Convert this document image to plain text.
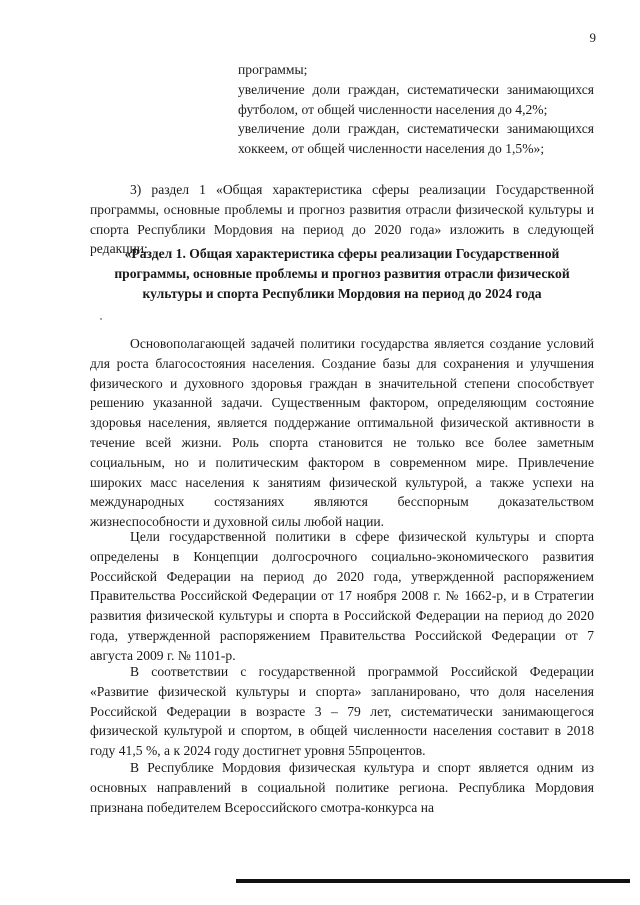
9

программы;

увеличение доли граждан, систематически занимающихся футболом, от общей численности населения до 4,2%;

увеличение доли граждан, систематически занимающихся хоккеем, от общей численности населения до 1,5%»;

3) раздел 1 «Общая характеристика сферы реализации Государственной программы, основные проблемы и прогноз развития отрасли физической культуры и спорта Республики Мордовия на период до 2020 года» изложить в следующей редакции:

«Раздел 1. Общая характеристика сферы реализации Государственной программы, основные проблемы и прогноз развития отрасли физической культуры и спорта Республики Мордовия на период до 2024 года

Основополагающей задачей политики государства является создание условий для роста благосостояния населения. Создание базы для сохранения и улучшения физического и духовного здоровья граждан в значительной степени способствует решению указанной задачи. Существенным фактором, определяющим состояние здоровья населения, является поддержание оптимальной физической активности в течение всей жизни. Роль спорта становится не только все более заметным социальным, но и политическим фактором в современном мире. Привлечение широких масс населения к занятиям физической культурой, а также успехи на международных состязаниях являются бесспорным доказательством жизнеспособности и духовной силы любой нации.

Цели государственной политики в сфере физической культуры и спорта определены в Концепции долгосрочного социально-экономического развития Российской Федерации на период до 2020 года, утвержденной распоряжением Правительства Российской Федерации от 17 ноября 2008 г. № 1662-р, и в Стратегии развития физической культуры и спорта в Российской Федерации на период до 2020 года, утвержденной распоряжением Правительства Российской Федерации от 7 августа 2009 г. № 1101-р.

В соответствии с государственной программой Российской Федерации «Развитие физической культуры и спорта» запланировано, что доля населения Российской Федерации в возрасте 3 – 79 лет, систематически занимающегося физической культурой и спортом, в общей численности населения составит в 2018 году 41,5 %, а к 2024 году достигнет уровня 55процентов.

В Республике Мордовия физическая культура и спорт является одним из основных направлений в социальной политике региона. Республика Мордовия признана победителем Всероссийского смотра-конкурса на
